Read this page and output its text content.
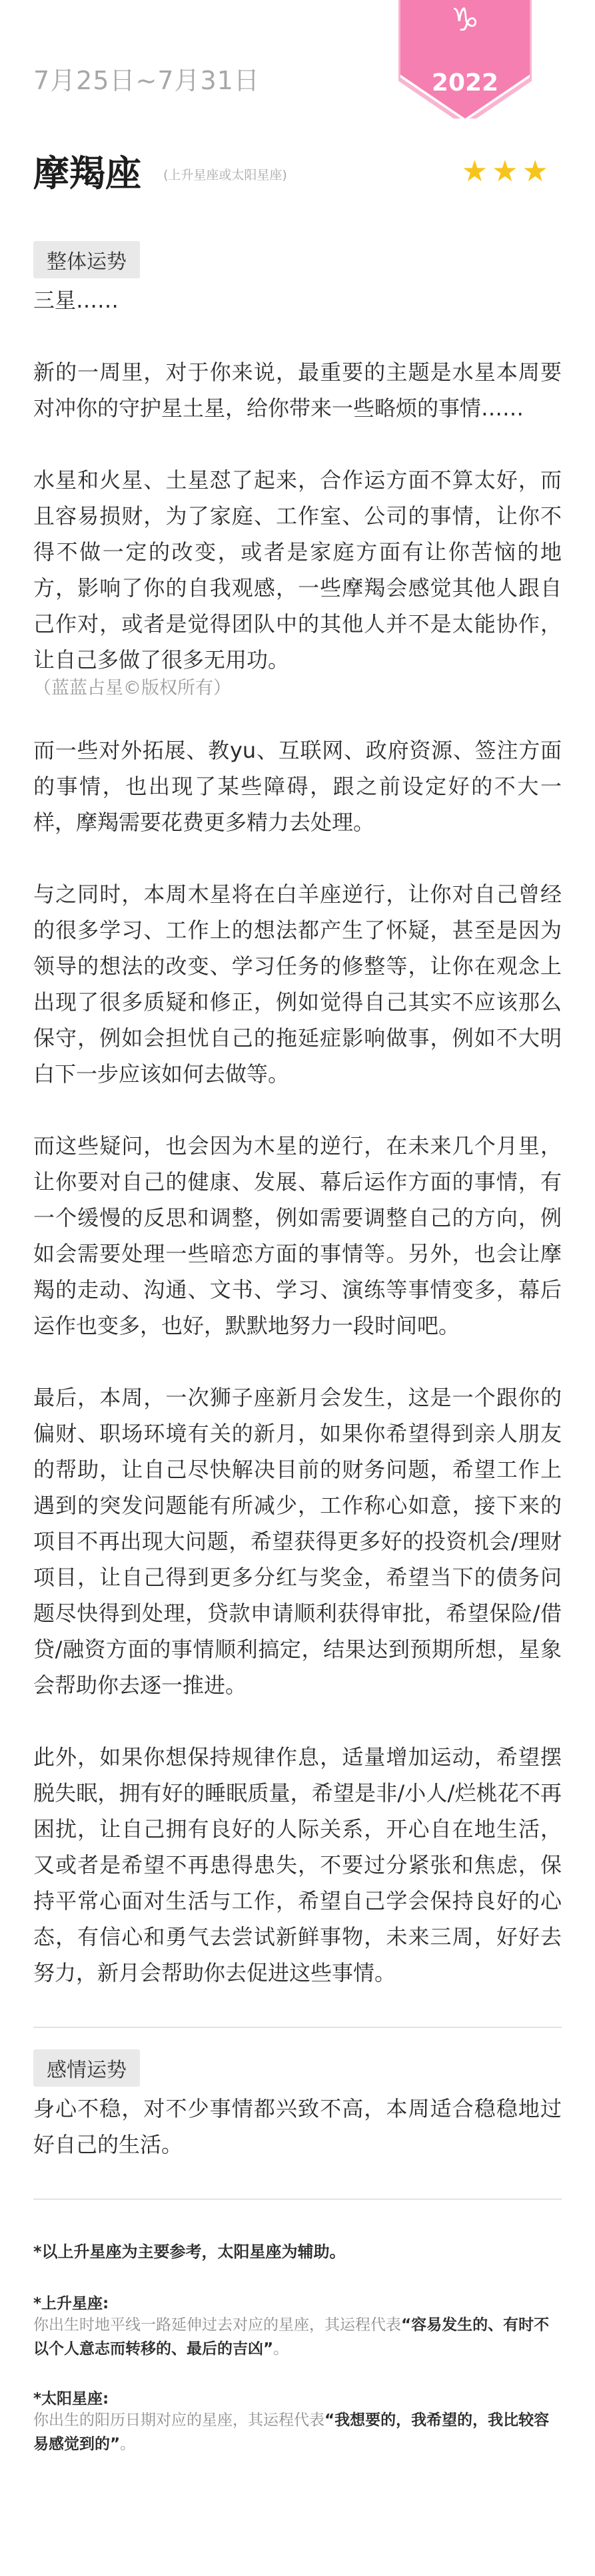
7月25日~7月31日
♑
2022
摩羯座 (上升星座或太阳星座)	★★★
整体运势

三星……

新的一周里，对于你来说，最重要的主题是水星本周要对冲你的守护星土星，给你带来一些略烦的事情……

水星和火星、土星怼了起来，合作运方面不算太好，而且容易损财，为了家庭、工作室、公司的事情，让你不得不做一定的改变，或者是家庭方面有让你苦恼的地方，影响了你的自我观感，一些摩羯会感觉其他人跟自己作对，或者是觉得团队中的其他人并不是太能协作，让自己多做了很多无用功。

（蓝蓝占星©版权所有）

而一些对外拓展、教yu、互联网、政府资源、签注方面的事情，也出现了某些障碍，跟之前设定好的不大一样，摩羯需要花费更多精力去处理。

与之同时，本周木星将在白羊座逆行，让你对自己曾经的很多学习、工作上的想法都产生了怀疑，甚至是因为领导的想法的改变、学习任务的修整等，让你在观念上出现了很多质疑和修正，例如觉得自己其实不应该那么保守，例如会担忧自己的拖延症影响做事，例如不大明白下一步应该如何去做等。

而这些疑问，也会因为木星的逆行，在未来几个月里，让你要对自己的健康、发展、幕后运作方面的事情，有一个缓慢的反思和调整，例如需要调整自己的方向，例如会需要处理一些暗恋方面的事情等。另外，也会让摩羯的走动、沟通、文书、学习、演练等事情变多，幕后运作也变多，也好，默默地努力一段时间吧。

最后，本周，一次狮子座新月会发生，这是一个跟你的偏财、职场环境有关的新月，如果你希望得到亲人朋友的帮助，让自己尽快解决目前的财务问题，希望工作上遇到的突发问题能有所减少，工作称心如意，接下来的项目不再出现大问题，希望获得更多好的投资机会/理财项目，让自己得到更多分红与奖金，希望当下的债务问题尽快得到处理，贷款申请顺利获得审批，希望保险/借贷/融资方面的事情顺利搞定，结果达到预期所想，星象会帮助你去逐一推进。

此外，如果你想保持规律作息，适量增加运动，希望摆脱失眠，拥有好的睡眠质量，希望是非/小人/烂桃花不再困扰，让自己拥有良好的人际关系，开心自在地生活，又或者是希望不再患得患失，不要过分紧张和焦虑，保持平常心面对生活与工作，希望自己学会保持良好的心态，有信心和勇气去尝试新鲜事物，未来三周，好好去努力，新月会帮助你去促进这些事情。

感情运势

身心不稳，对不少事情都兴致不高，本周适合稳稳地过好自己的生活。

*以上升星座为主要参考，太阳星座为辅助。
*上升星座:
你出生时地平线一路延伸过去对应的星座，其运程代表“容易发生的、有时不以个人意志而转移的、最后的吉凶”。
*太阳星座:
你出生的阳历日期对应的星座，其运程代表“我想要的，我希望的，我比较容易感觉到的”。
